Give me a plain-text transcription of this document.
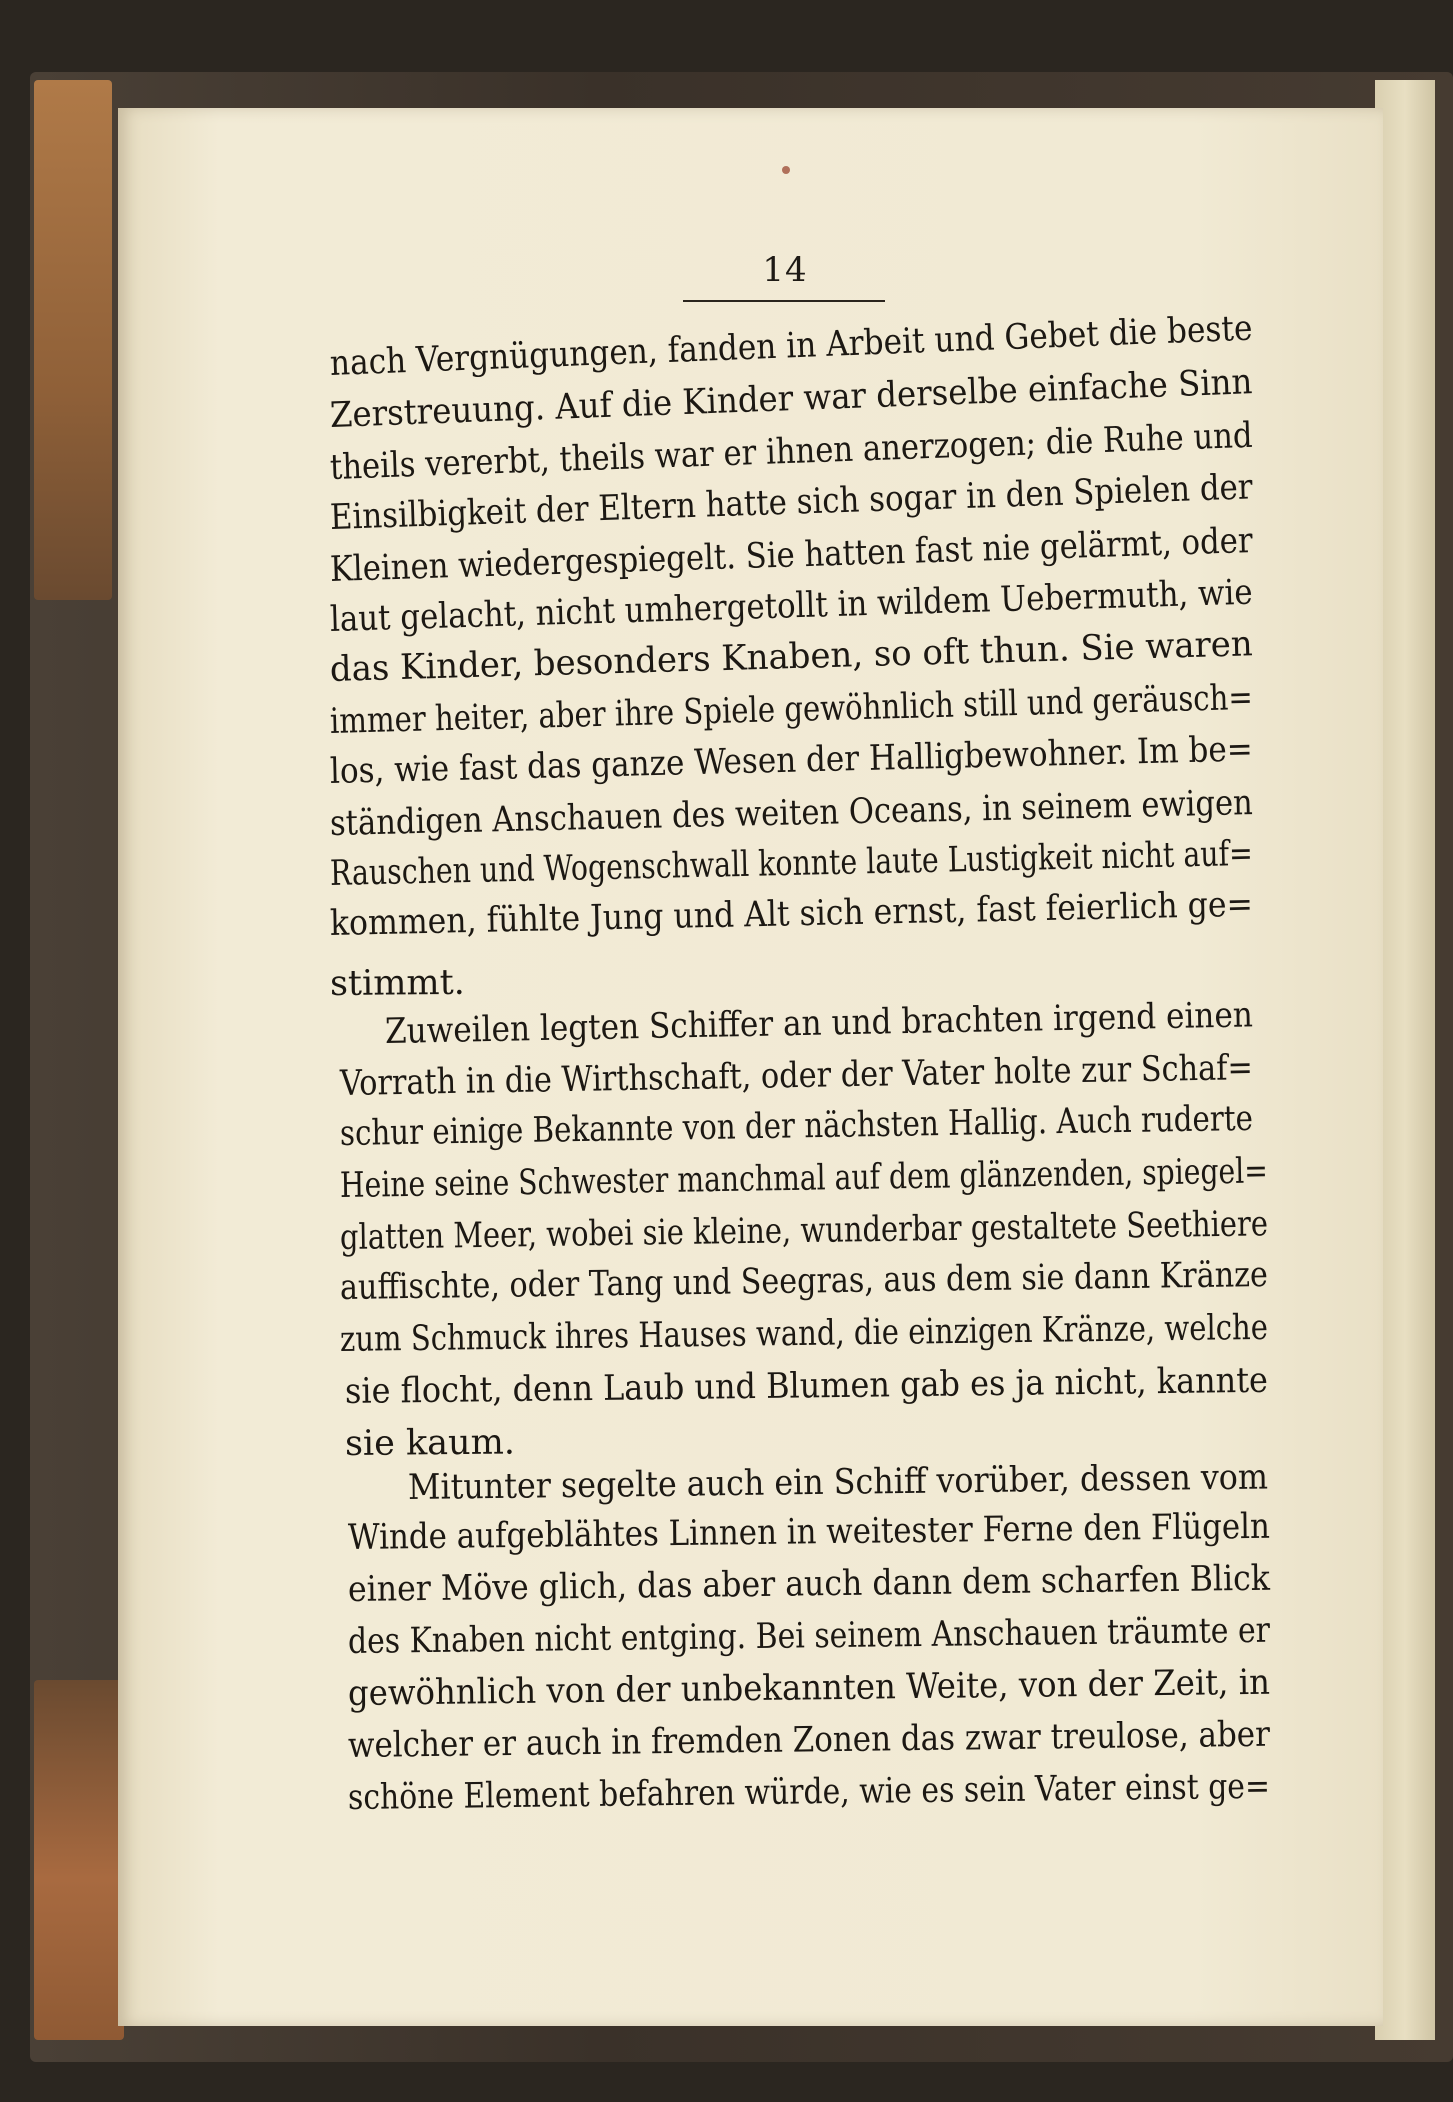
14
nach Vergnügungen, fanden in Arbeit und Gebet die beste
Zerstreuung. Auf die Kinder war derselbe einfache Sinn
theils vererbt, theils war er ihnen anerzogen; die Ruhe und
Einsilbigkeit der Eltern hatte sich sogar in den Spielen der
Kleinen wiedergespiegelt. Sie hatten fast nie gelärmt, oder
laut gelacht, nicht umhergetollt in wildem Uebermuth, wie
das Kinder, besonders Knaben, so oft thun. Sie waren
immer heiter, aber ihre Spiele gewöhnlich still und geräusch=
los, wie fast das ganze Wesen der Halligbewohner. Im be=
ständigen Anschauen des weiten Oceans, in seinem ewigen
Rauschen und Wogenschwall konnte laute Lustigkeit nicht auf=
kommen, fühlte Jung und Alt sich ernst, fast feierlich ge=
stimmt.
Zuweilen legten Schiffer an und brachten irgend einen
Vorrath in die Wirthschaft, oder der Vater holte zur Schaf=
schur einige Bekannte von der nächsten Hallig. Auch ruderte
Heine seine Schwester manchmal auf dem glänzenden, spiegel=
glatten Meer, wobei sie kleine, wunderbar gestaltete Seethiere
auffischte, oder Tang und Seegras, aus dem sie dann Kränze
zum Schmuck ihres Hauses wand, die einzigen Kränze, welche
sie flocht, denn Laub und Blumen gab es ja nicht, kannte
sie kaum.
Mitunter segelte auch ein Schiff vorüber, dessen vom
Winde aufgeblähtes Linnen in weitester Ferne den Flügeln
einer Möve glich, das aber auch dann dem scharfen Blick
des Knaben nicht entging. Bei seinem Anschauen träumte er
gewöhnlich von der unbekannten Weite, von der Zeit, in
welcher er auch in fremden Zonen das zwar treulose, aber
schöne Element befahren würde, wie es sein Vater einst ge=
